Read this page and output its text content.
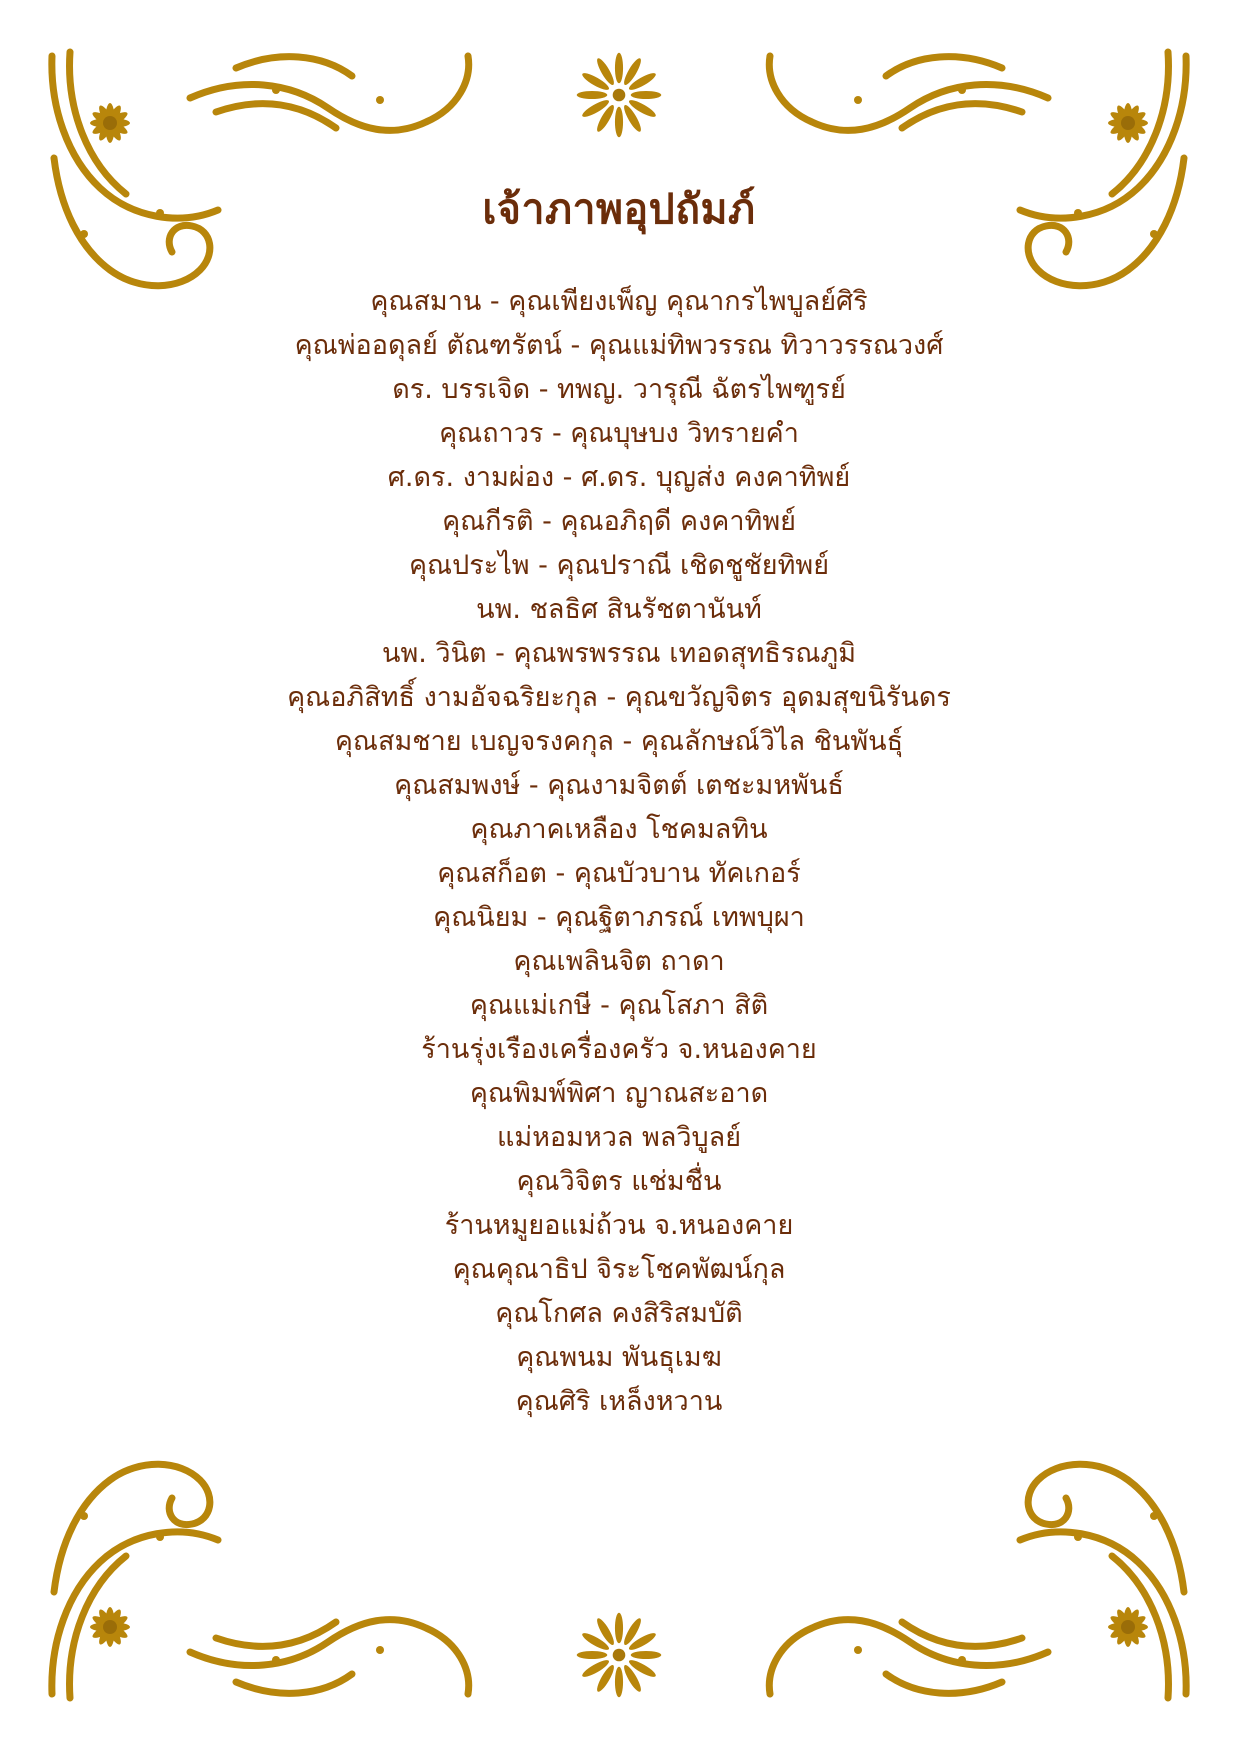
เจ้าภาพอุปถัมภ์
คุณสมาน - คุณเพียงเพ็ญ คุณากรไพบูลย์ศิริ
คุณพ่ออดุลย์ ตัณฑรัตน์ - คุณแม่ทิพวรรณ ทิวาวรรณวงศ์
ดร. บรรเจิด - ทพญ. วารุณี ฉัตรไพฑูรย์
คุณถาวร - คุณบุษบง วิทรายคำ
ศ.ดร. งามผ่อง - ศ.ดร. บุญส่ง คงคาทิพย์
คุณกีรติ - คุณอภิฤดี คงคาทิพย์
คุณประไพ - คุณปราณี เชิดชูชัยทิพย์
นพ. ชลธิศ สินรัชตานันท์
นพ. วินิต - คุณพรพรรณ เทอดสุทธิรณภูมิ
คุณอภิสิทธิ์ งามอัจฉริยะกุล - คุณขวัญจิตร อุดมสุขนิรันดร
คุณสมชาย เบญจรงคกุล - คุณลักษณ์วิไล ชินพันธุ์
คุณสมพงษ์ - คุณงามจิตต์ เตชะมหพันธ์
คุณภาคเหลือง โชคมลทิน
คุณสก็อต - คุณบัวบาน ทัคเกอร์
คุณนิยม - คุณฐิตาภรณ์ เทพบุผา
คุณเพลินจิต ถาดา
คุณแม่เกษี - คุณโสภา สิติ
ร้านรุ่งเรืองเครื่องครัว จ.หนองคาย
คุณพิมพ์พิศา ญาณสะอาด
แม่หอมหวล พลวิบูลย์
คุณวิจิตร แช่มชื่น
ร้านหมูยอแม่ถ้วน จ.หนองคาย
คุณคุณาธิป จิระโชคพัฒน์กุล
คุณโกศล คงสิริสมบัติ
คุณพนม พันธุเมฆ
คุณศิริ เหล็งหวาน
